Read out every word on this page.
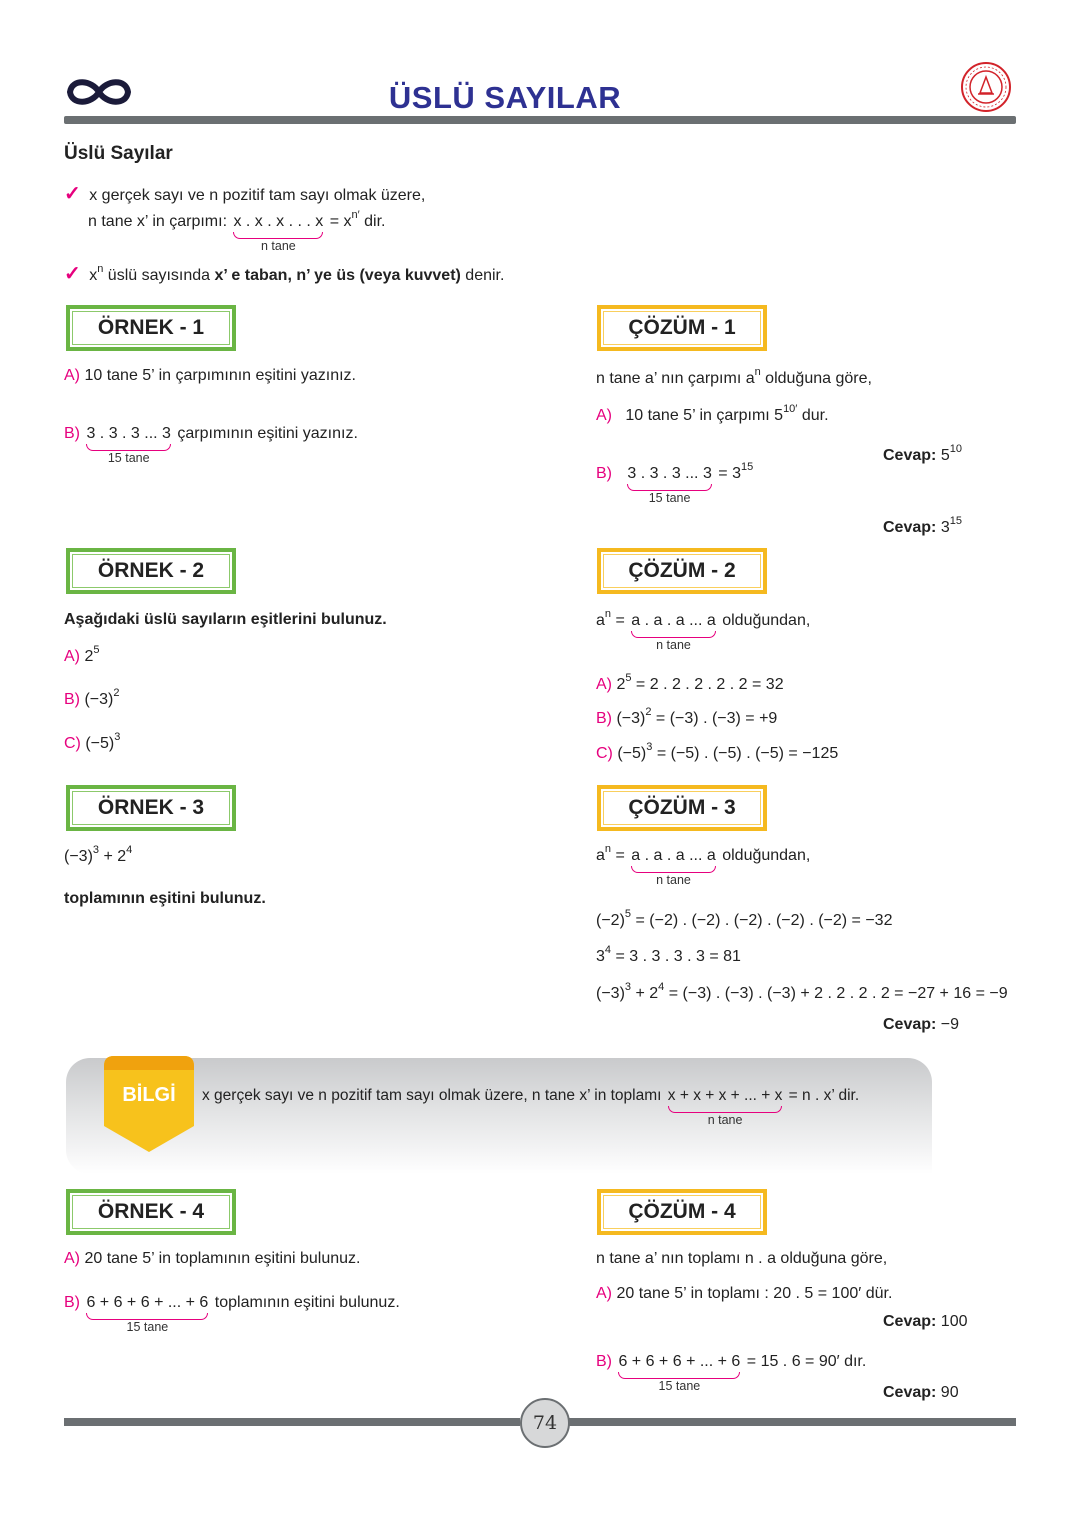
ÜSLÜ SAYILAR
Üslü Sayılar
✓ x gerçek sayı ve n pozitif tam sayı olmak üzere,
n tane x’ in çarpımı: x . x . x . . . x
n tane
= $x^{n'}$ dir.
✓ $x^n$ üslü sayısında x’ e taban, n’ ye üs (veya kuvvet) denir.
ÖRNEK - 1
A) 10 tane 5’ in çarpımının eşitini yazınız.
B) 3 . 3 . 3 ... 3
15 tane
çarpımının eşitini yazınız.
ÇÖZÜM - 1
n tane a’ nın çarpımı $a^n$ olduğuna göre,
A) 10 tane 5’ in çarpımı $5^{10'}$ dur.
Cevap: $5^{10}$
B) 3 . 3 . 3 ... 3
15 tane
= $3^{15}$
Cevap: $3^{15}$
ÖRNEK - 2
Aşağıdaki üslü sayıların eşitlerini bulunuz.
A) $2^5$
B) $(-3)^2$
C) $(-5)^3$
ÇÖZÜM - 2
$a^n = a$ . a . a ... a
n tane
olduğundan,
A) $2^5 = 2$ . 2 . 2 . 2 . 2 = 32
B) $(-3)^2 = (-3)$ . (−3) = +9
C) $(-5)^3 = (-5)$ . (−5) . (−5) = −125
ÖRNEK - 3
$(-3)^3 + 2^4$
toplamının eşitini bulunuz.
ÇÖZÜM - 3
$a^n = a$ . a . a ... a
n tane
olduğundan,
$(-2)^5 = (-2)$ . (−2) . (−2) . (−2) . (−2) = −32
$3^4 = 3$ . 3 . 3 . 3 = 81
$(-3)^3 + 2^4 = (-3)$ . (−3) . (−3) + 2 . 2 . 2 . 2 = −27 + 16 = −9
Cevap: −9
BİLGİ	x gerçek sayı ve n pozitif tam sayı olmak üzere, n tane x’ in toplamı x + x + x + ... + x
n tane
= n . x’ dir.
ÖRNEK - 4
A) 20 tane 5’ in toplamının eşitini bulunuz.
B) 6 + 6 + 6 + ... + 6
15 tane
toplamının eşitini bulunuz.
ÇÖZÜM - 4
n tane a’ nın toplamı n . a olduğuna göre,
A) 20 tane 5’ in toplamı : 20 . 5 = 100′ dür.
Cevap: 100
B) 6 + 6 + 6 + ... + 6
15 tane
= 15 . 6 = 90′ dır.
Cevap: 90
74
